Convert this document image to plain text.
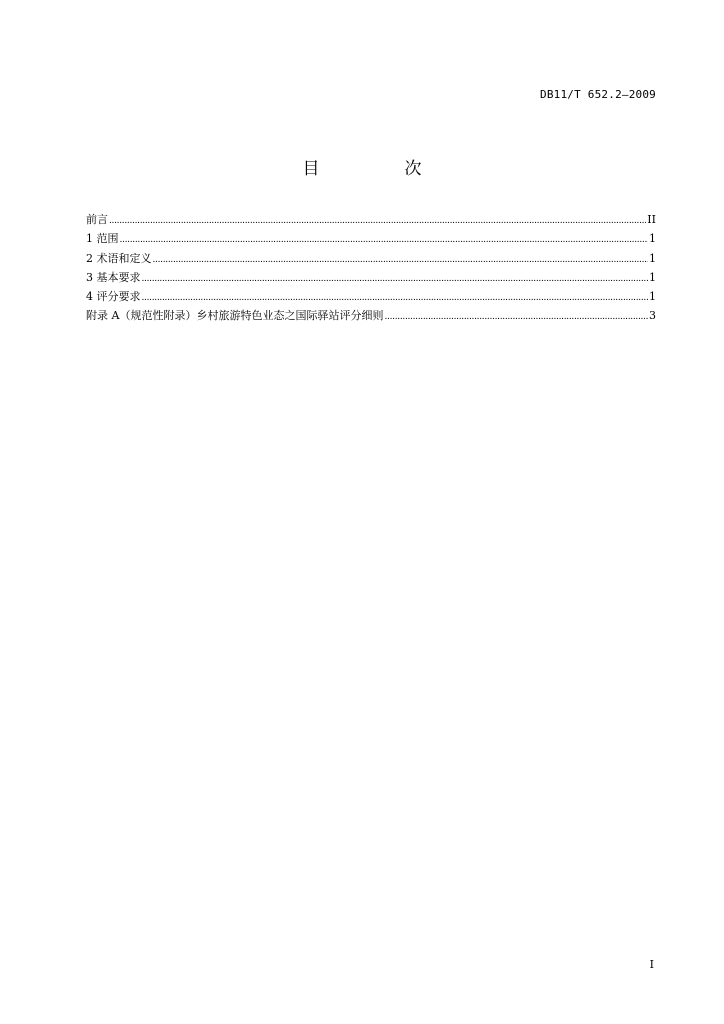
DB11/T 652.2—2009
目　次
前言 .....	II
1 范围 .....	1
2 术语和定义 .....	1
3 基本要求 .....	1
4 评分要求 .....	1
附录 A（规范性附录）乡村旅游特色业态之国际驿站评分细则 .....	3
I
